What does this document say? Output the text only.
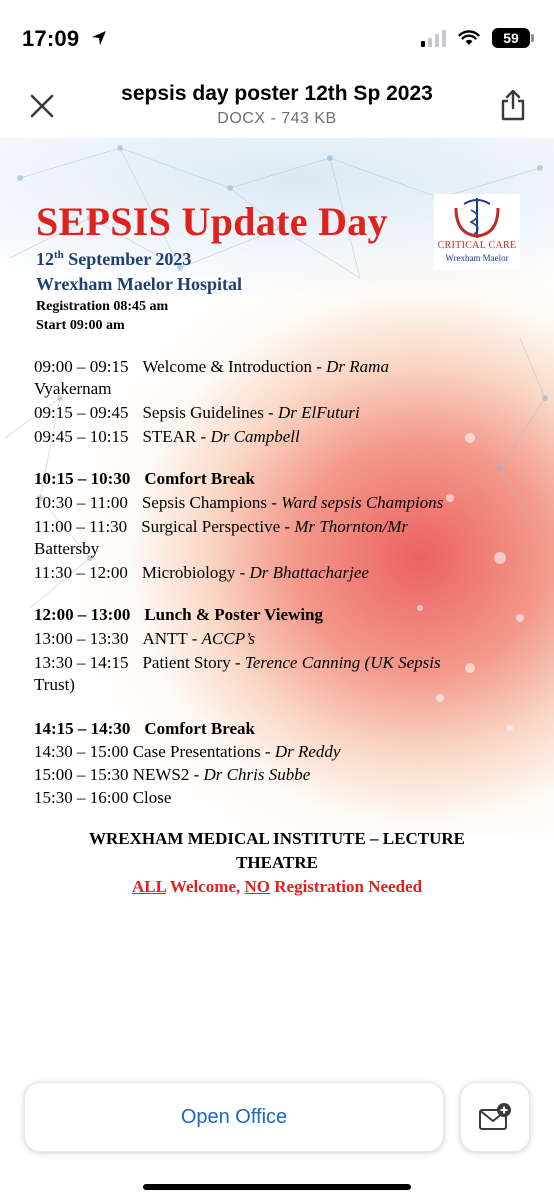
17:09	59
sepsis day poster 12th Sp 2023
DOCX - 743 KB
SEPSIS Update Day
CRITICAL CARE
Wrexham Maelor
12th September 2023
Wrexham Maelor Hospital
Registration 08:45 am
Start 09:00 am
09:00 – 09:15 Welcome & Introduction - Dr Rama
Vyakernam
09:15 – 09:45 Sepsis Guidelines - Dr ElFuturi
09:45 – 10:15 STEAR - Dr Campbell
10:15 – 10:30 Comfort Break
10:30 – 11:00 Sepsis Champions - Ward sepsis Champions
11:00 – 11:30 Surgical Perspective - Mr Thornton/Mr
Battersby
11:30 – 12:00 Microbiology - Dr Bhattacharjee
12:00 – 13:00 Lunch & Poster Viewing
13:00 – 13:30 ANTT - ACCP’s
13:30 – 14:15 Patient Story - Terence Canning (UK Sepsis
Trust)
14:15 – 14:30 Comfort Break
14:30 – 15:00 Case Presentations - Dr Reddy
15:00 – 15:30 NEWS2 - Dr Chris Subbe
15:30 – 16:00 Close
WREXHAM MEDICAL INSTITUTE – LECTURE
THEATRE
ALL Welcome, NO Registration Needed
Open Office
